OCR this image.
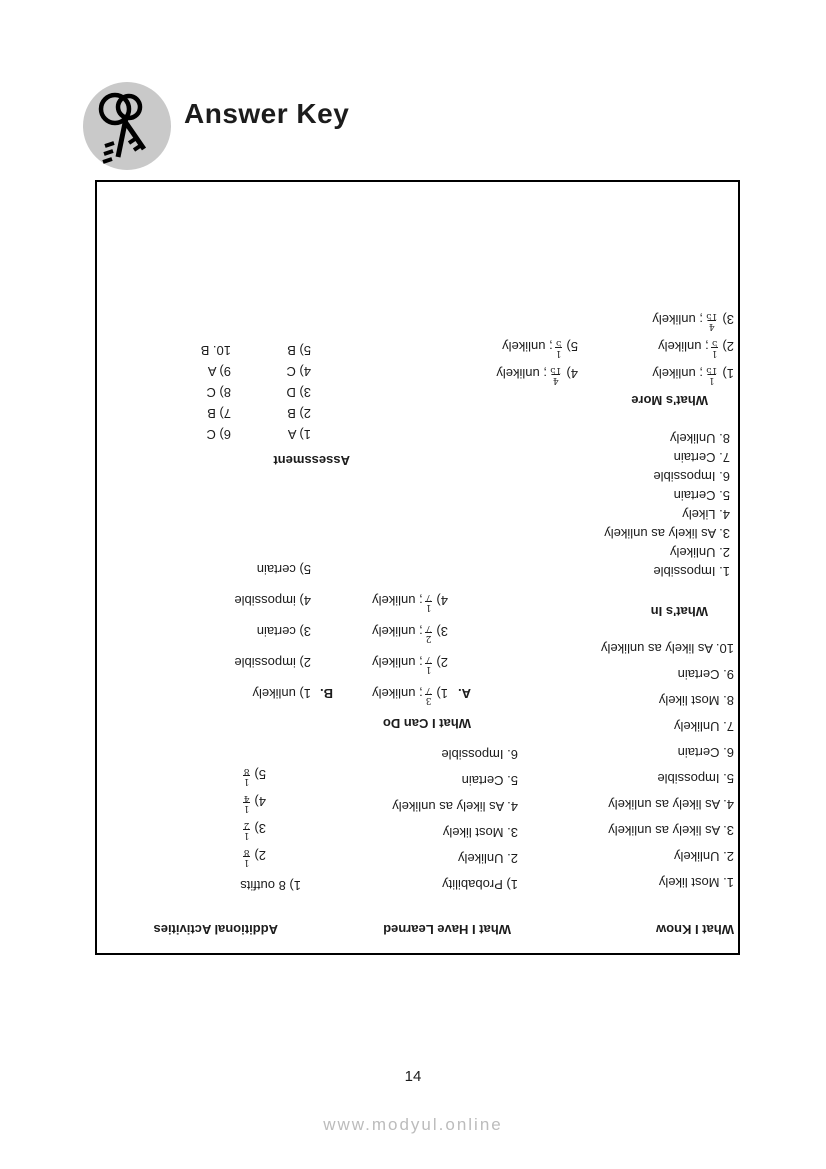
Answer Key
What I Know
1. Most likely
2. Unlikely
3. As likely as unlikely
4. As likely as unlikely
5. Impossible
6. Certain
7. Unlikely
8. Most likely
9. Certain
10. As likely as unlikely
What's In
1. Impossible
2. Unlikely
3. As likely as unlikely
4. Likely
5. Certain
6. Impossible
7. Certain
8. Unlikely
What's More
1)
1
15
; unlikely
2)
1
5
; unlikely
3)
4
15
; unlikely
4)
4
15
; unlikely
5)
1
5
; unlikely
What I Have Learned
1) Probability
2. Unlikely
3. Most likely
4. As likely as unlikely
5. Certain
6. Impossible
What I Can Do
A.
1)
3
7
; unlikely
2)
1
7
; unlikely
3)
2
7
; unlikely
4)
1
7
; unlikely
B.
1) unlikely
2) impossible
3) certain
4) impossible
5) certain
Additional Activities
1) 8 outfits
2)
1
8
3)
1
2
4)
1
4
5)
1
8
Assessment
1) A
2) B
3) D
4) C
5) B
6) C
7) B
8) C
9) A
10. B
14
www.modyul.online
